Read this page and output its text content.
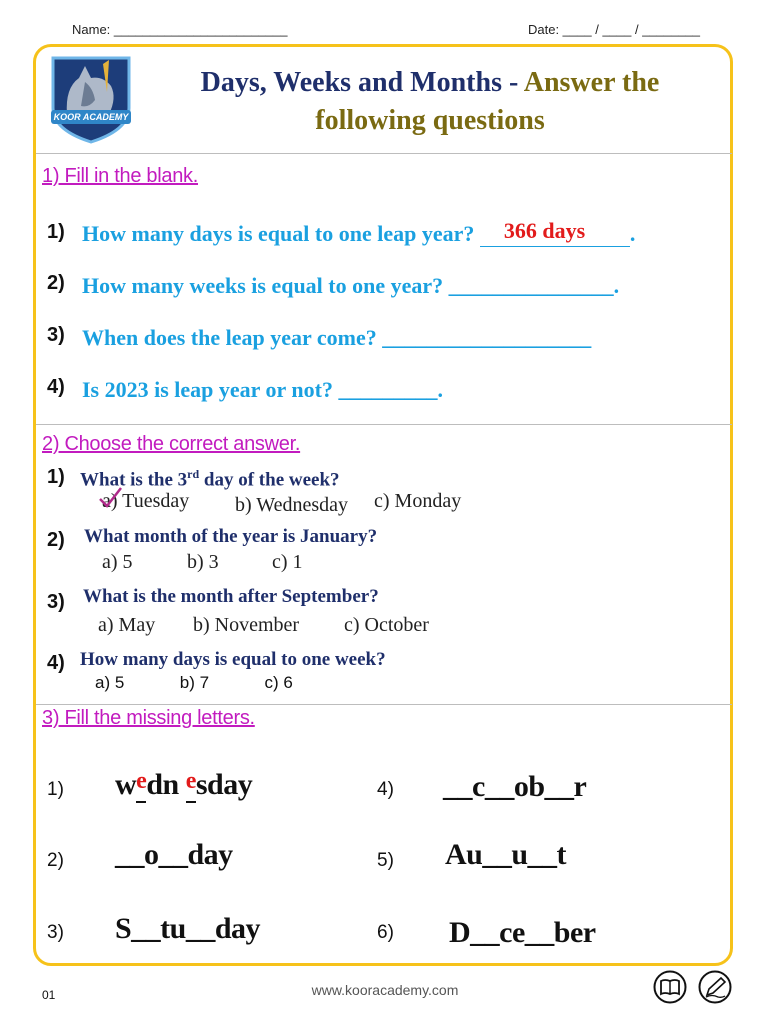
Name: ________________________	Date: ____ / ____ / ________
KOOR ACADEMY
Days, Weeks and Months - Answer the
following questions
1) Fill in the blank.
1) How many days is equal to one leap year? 366 days .
2) How many weeks is equal to one year? _______________.
3) When does the leap year come? ___________________
4) Is 2023 is leap year or not? _________.
2) Choose the correct answer.
1) What is the 3rd day of the week?
a) Tuesday b) Wednesday c) Monday
2) What month of the year is January?
a) 5	b) 3	c) 1
3) What is the month after September?
a) May b) November c) October
4) How many days is equal to one week?
a) 5	b) 7	c) 6
3) Fill the missing letters.
1) $w^edn$ $^e$sday
2) __o__day
3) S__tu__day
4) __c__ob__r
5) Au__u__t
6) D__ce__ber
01	www.kooracademy.com
